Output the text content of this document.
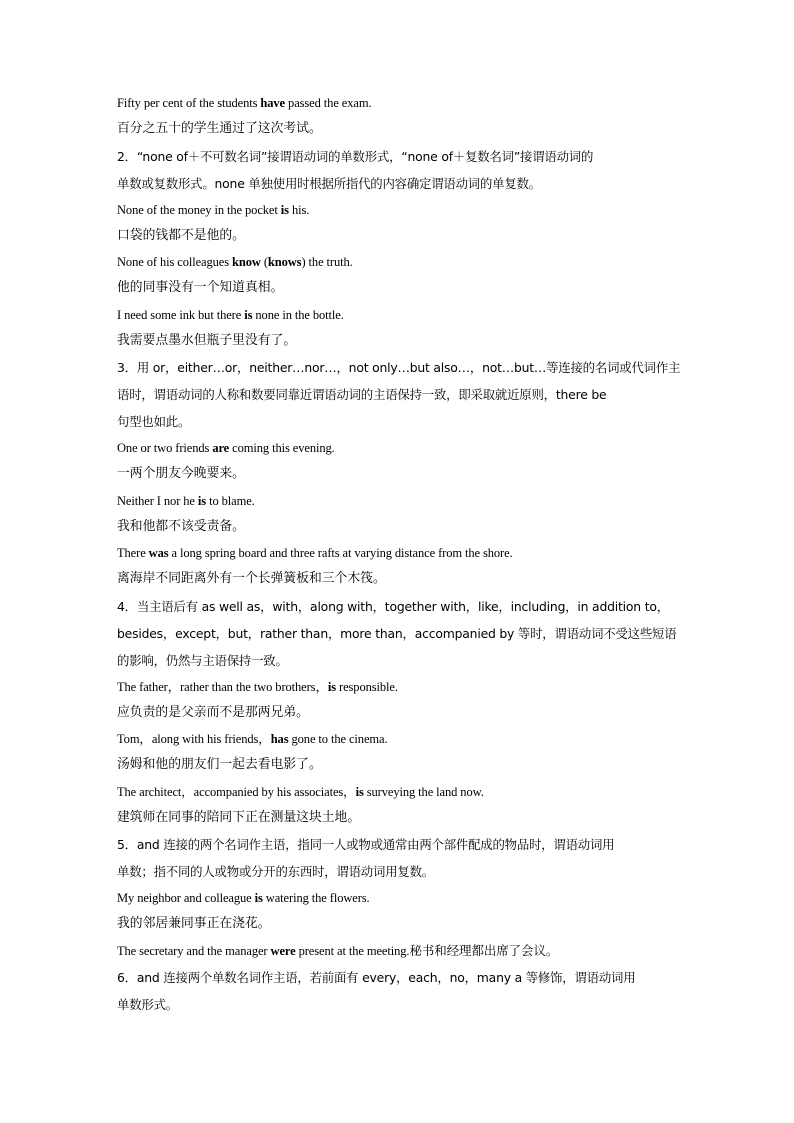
Fifty per cent of the students have passed the exam.

百分之五十的学生通过了这次考试。

2．“none of＋不可数名词”接谓语动词的单数形式，“none of＋复数名词”接谓语动词的

单数或复数形式。none 单独使用时根据所指代的内容确定谓语动词的单复数。

None of the money in the pocket is his.

口袋的钱都不是他的。

None of his colleagues know (knows) the truth.

他的同事没有一个知道真相。

I need some ink but there is none in the bottle.

我需要点墨水但瓶子里没有了。

3．用 or，either…or，neither…nor…，not only…but also…，not…but…等连接的名词或代词作主

语时，谓语动词的人称和数要同靠近谓语动词的主语保持一致，即采取就近原则，there be

句型也如此。

One or two friends are coming this evening.

一两个朋友今晚要来。

Neither I nor he is to blame.

我和他都不该受责备。

There was a long spring board and three rafts at varying distance from the shore.

离海岸不同距离外有一个长弹簧板和三个木筏。

4．当主语后有 as well as，with，along with，together with，like，including，in addition to，

besides，except，but，rather than，more than，accompanied by 等时，谓语动词不受这些短语

的影响，仍然与主语保持一致。

The father，rather than the two brothers，is responsible.

应负责的是父亲而不是那两兄弟。

Tom，along with his friends，has gone to the cinema.

汤姆和他的朋友们一起去看电影了。

The architect，accompanied by his associates，is surveying the land now.

建筑师在同事的陪同下正在测量这块土地。

5．and 连接的两个名词作主语，指同一人或物或通常由两个部件配成的物品时，谓语动词用

单数；指不同的人或物或分开的东西时，谓语动词用复数。

My neighbor and colleague is watering the flowers.

我的邻居兼同事正在浇花。

The secretary and the manager were present at the meeting.秘书和经理都出席了会议。

6．and 连接两个单数名词作主语，若前面有 every，each，no，many a 等修饰，谓语动词用

单数形式。
